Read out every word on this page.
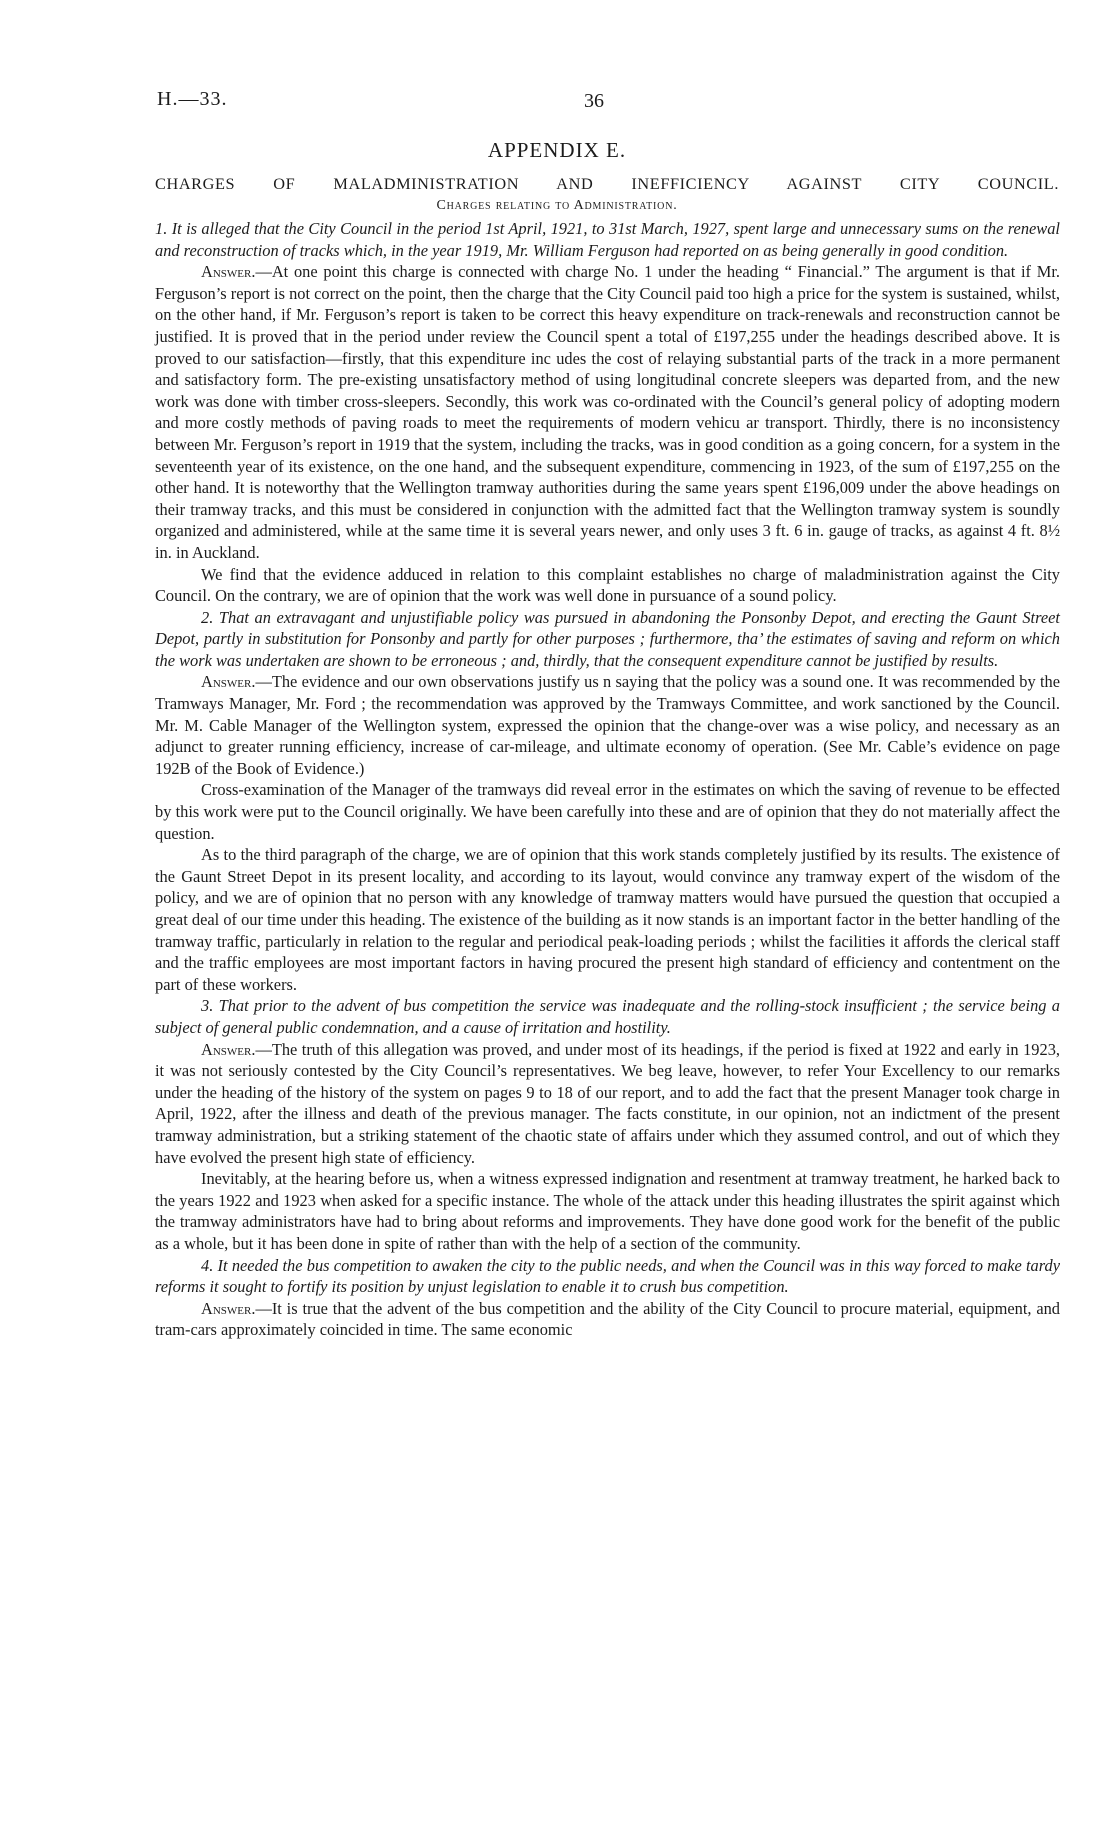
H.—33.	36
APPENDIX E.
CHARGES OF MALADMINISTRATION AND INEFFICIENCY AGAINST CITY COUNCIL.
Charges relating to Administration.

1. It is alleged that the City Council in the period 1st April, 1921, to 31st March, 1927, spent large and unnecessary sums on the renewal and reconstruction of tracks which, in the year 1919, Mr. William Ferguson had reported on as being generally in good condition.

Answer.—At one point this charge is connected with charge No. 1 under the heading “ Financial.” The argument is that if Mr. Ferguson’s report is not correct on the point, then the charge that the City Council paid too high a price for the system is sustained, whilst, on the other hand, if Mr. Ferguson’s report is taken to be correct this heavy expenditure on track-renewals and reconstruction cannot be justified. It is proved that in the period under review the Council spent a total of £197,255 under the headings described above. It is proved to our satisfaction—firstly, that this expenditure inc udes the cost of relaying substantial parts of the track in a more permanent and satisfactory form. The pre-existing unsatisfactory method of using longitudinal concrete sleepers was departed from, and the new work was done with timber cross-sleepers. Secondly, this work was co-ordinated with the Council’s general policy of adopting modern and more costly methods of paving roads to meet the requirements of modern vehicu ar transport. Thirdly, there is no inconsistency between Mr. Ferguson’s report in 1919 that the system, including the tracks, was in good condition as a going concern, for a system in the seventeenth year of its existence, on the one hand, and the subsequent expenditure, commencing in 1923, of the sum of £197,255 on the other hand. It is noteworthy that the Wellington tramway authorities during the same years spent £196,009 under the above headings on their tramway tracks, and this must be considered in conjunction with the admitted fact that the Wellington tramway system is soundly organized and administered, while at the same time it is several years newer, and only uses 3 ft. 6 in. gauge of tracks, as against 4 ft. 8½ in. in Auckland.

We find that the evidence adduced in relation to this complaint establishes no charge of maladministration against the City Council. On the contrary, we are of opinion that the work was well done in pursuance of a sound policy.

2. That an extravagant and unjustifiable policy was pursued in abandoning the Ponsonby Depot, and erecting the Gaunt Street Depot, partly in substitution for Ponsonby and partly for other purposes ; furthermore, tha’ the estimates of saving and reform on which the work was undertaken are shown to be erroneous ; and, thirdly, that the consequent expenditure cannot be justified by results.

Answer.—The evidence and our own observations justify us n saying that the policy was a sound one. It was recommended by the Tramways Manager, Mr. Ford ; the recommendation was approved by the Tramways Committee, and work sanctioned by the Council. Mr. M. Cable Manager of the Wellington system, expressed the opinion that the change-over was a wise policy, and necessary as an adjunct to greater running efficiency, increase of car-mileage, and ultimate economy of operation. (See Mr. Cable’s evidence on page 192B of the Book of Evidence.)

Cross-examination of the Manager of the tramways did reveal error in the estimates on which the saving of revenue to be effected by this work were put to the Council originally. We have been carefully into these and are of opinion that they do not materially affect the question.

As to the third paragraph of the charge, we are of opinion that this work stands completely justified by its results. The existence of the Gaunt Street Depot in its present locality, and according to its layout, would convince any tramway expert of the wisdom of the policy, and we are of opinion that no person with any knowledge of tramway matters would have pursued the question that occupied a great deal of our time under this heading. The existence of the building as it now stands is an important factor in the better handling of the tramway traffic, particularly in relation to the regular and periodical peak-loading periods ; whilst the facilities it affords the clerical staff and the traffic employees are most important factors in having procured the present high standard of efficiency and contentment on the part of these workers.

3. That prior to the advent of bus competition the service was inadequate and the rolling-stock insufficient ; the service being a subject of general public condemnation, and a cause of irritation and hostility.

Answer.—The truth of this allegation was proved, and under most of its headings, if the period is fixed at 1922 and early in 1923, it was not seriously contested by the City Council’s representatives. We beg leave, however, to refer Your Excellency to our remarks under the heading of the history of the system on pages 9 to 18 of our report, and to add the fact that the present Manager took charge in April, 1922, after the illness and death of the previous manager. The facts constitute, in our opinion, not an indictment of the present tramway administration, but a striking statement of the chaotic state of affairs under which they assumed control, and out of which they have evolved the present high state of efficiency.

Inevitably, at the hearing before us, when a witness expressed indignation and resentment at tramway treatment, he harked back to the years 1922 and 1923 when asked for a specific instance. The whole of the attack under this heading illustrates the spirit against which the tramway administrators have had to bring about reforms and improvements. They have done good work for the benefit of the public as a whole, but it has been done in spite of rather than with the help of a section of the community.

4. It needed the bus competition to awaken the city to the public needs, and when the Council was in this way forced to make tardy reforms it sought to fortify its position by unjust legislation to enable it to crush bus competition.

Answer.—It is true that the advent of the bus competition and the ability of the City Council to procure material, equipment, and tram-cars approximately coincided in time. The same economic
